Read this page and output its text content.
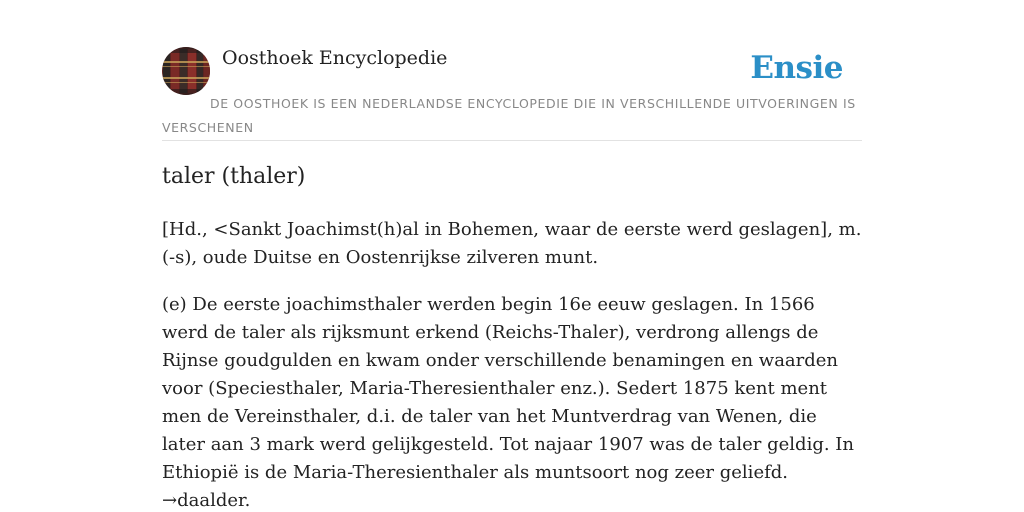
Oosthoek Encyclopedie	Ensie
DE OOSTHOEK IS EEN NEDERLANDSE ENCYCLOPEDIE DIE IN VERSCHILLENDE UITVOERINGEN IS VERSCHENEN
taler (thaler)

[Hd., <Sankt Joachimst(h)al in Bohemen, waar de eerste werd geslagen], m. (-s), oude Duitse en Oostenrijkse zilveren munt.

(e) De eerste joachimsthaler werden begin 16e eeuw geslagen. In 1566 werd de taler als rijksmunt erkend (Reichs-Thaler), verdrong allengs de Rijnse goudgulden en kwam onder verschillende benamingen en waarden voor (Speciesthaler, Maria-Theresienthaler enz.). Sedert 1875 kent ment men de Vereinsthaler, d.i. de taler van het Muntverdrag van Wenen, die later aan 3 mark werd gelijkgesteld. Tot najaar 1907 was de taler geldig. In Ethiopië is de Maria-Theresienthaler als muntsoort nog zeer geliefd. →daalder.
